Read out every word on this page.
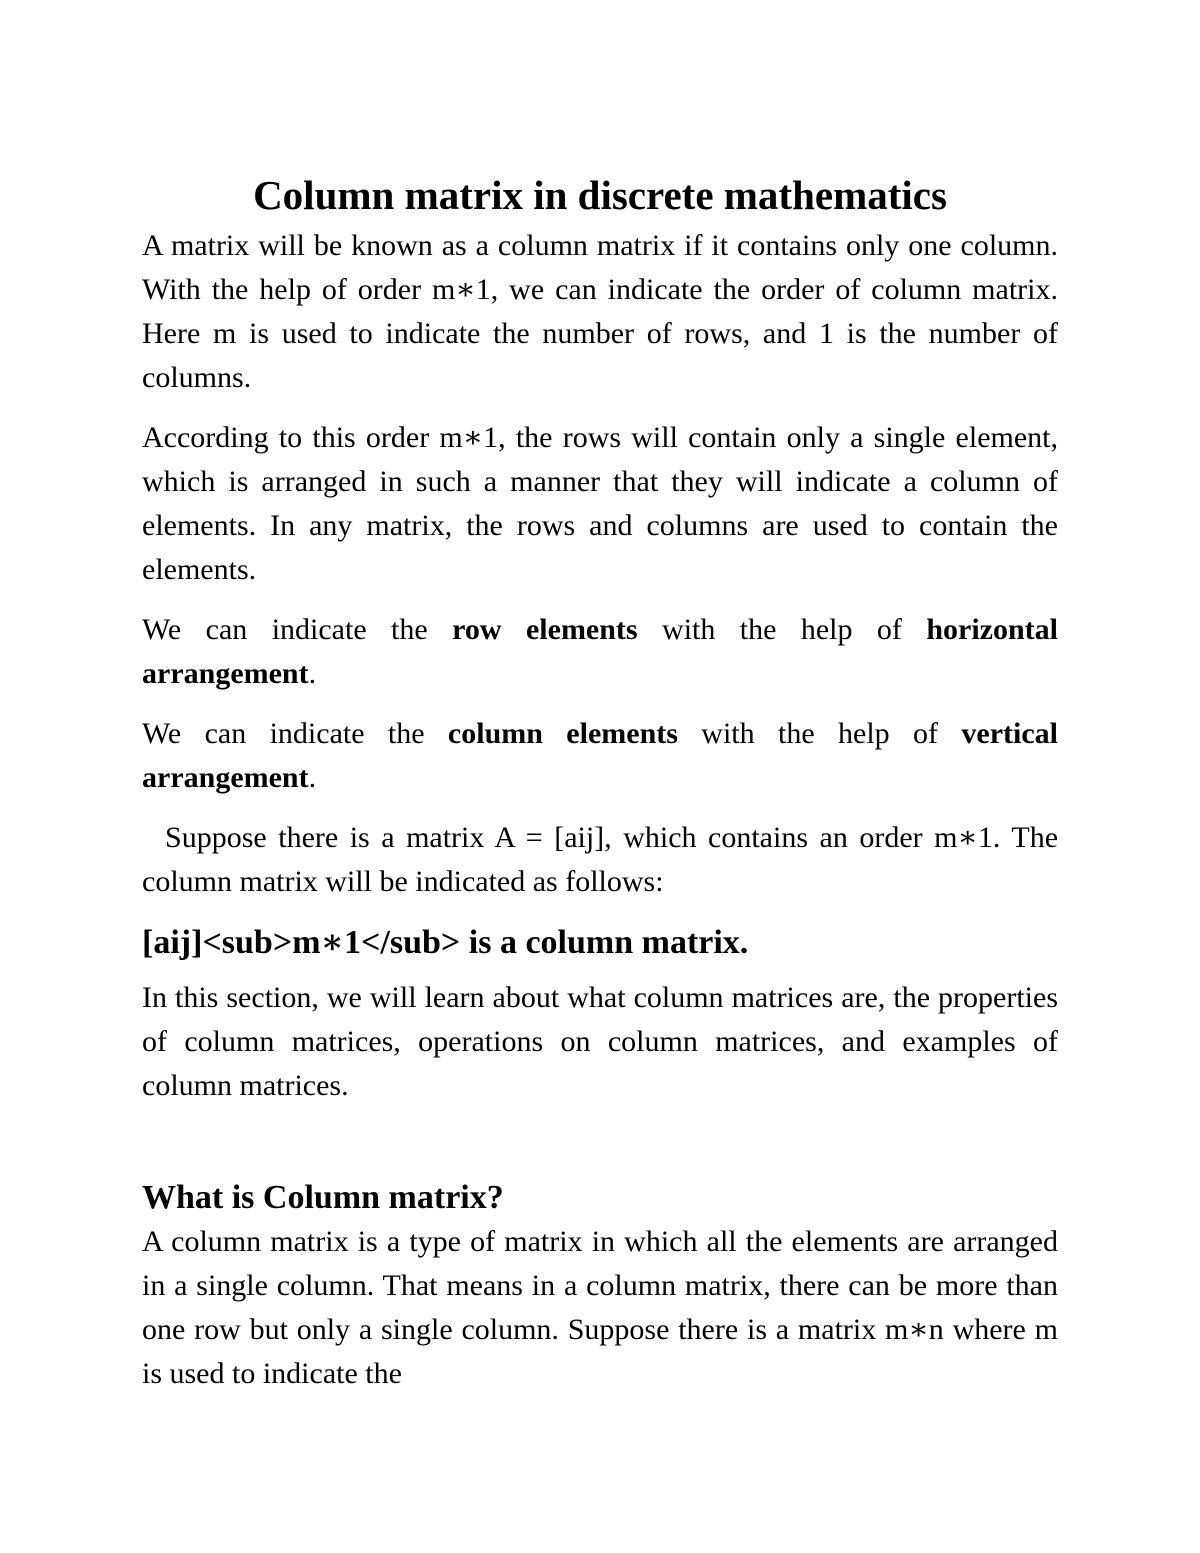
Column matrix in discrete mathematics

A matrix will be known as a column matrix if it contains only one column. With the help of order m∗1, we can indicate the order of column matrix. Here m is used to indicate the number of rows, and 1 is the number of columns.

According to this order m∗1, the rows will contain only a single element, which is arranged in such a manner that they will indicate a column of elements. In any matrix, the rows and columns are used to contain the elements.

We can indicate the row elements with the help of horizontal arrangement.

We can indicate the column elements with the help of vertical arrangement.

Suppose there is a matrix A = [aij], which contains an order m∗1. The column matrix will be indicated as follows:

[aij]<sub>m∗1</sub> is a column matrix.

In this section, we will learn about what column matrices are, the properties of column matrices, operations on column matrices, and examples of column matrices.

What is Column matrix?

A column matrix is a type of matrix in which all the elements are arranged in a single column. That means in a column matrix, there can be more than one row but only a single column. Suppose there is a matrix m∗n where m is used to indicate the
